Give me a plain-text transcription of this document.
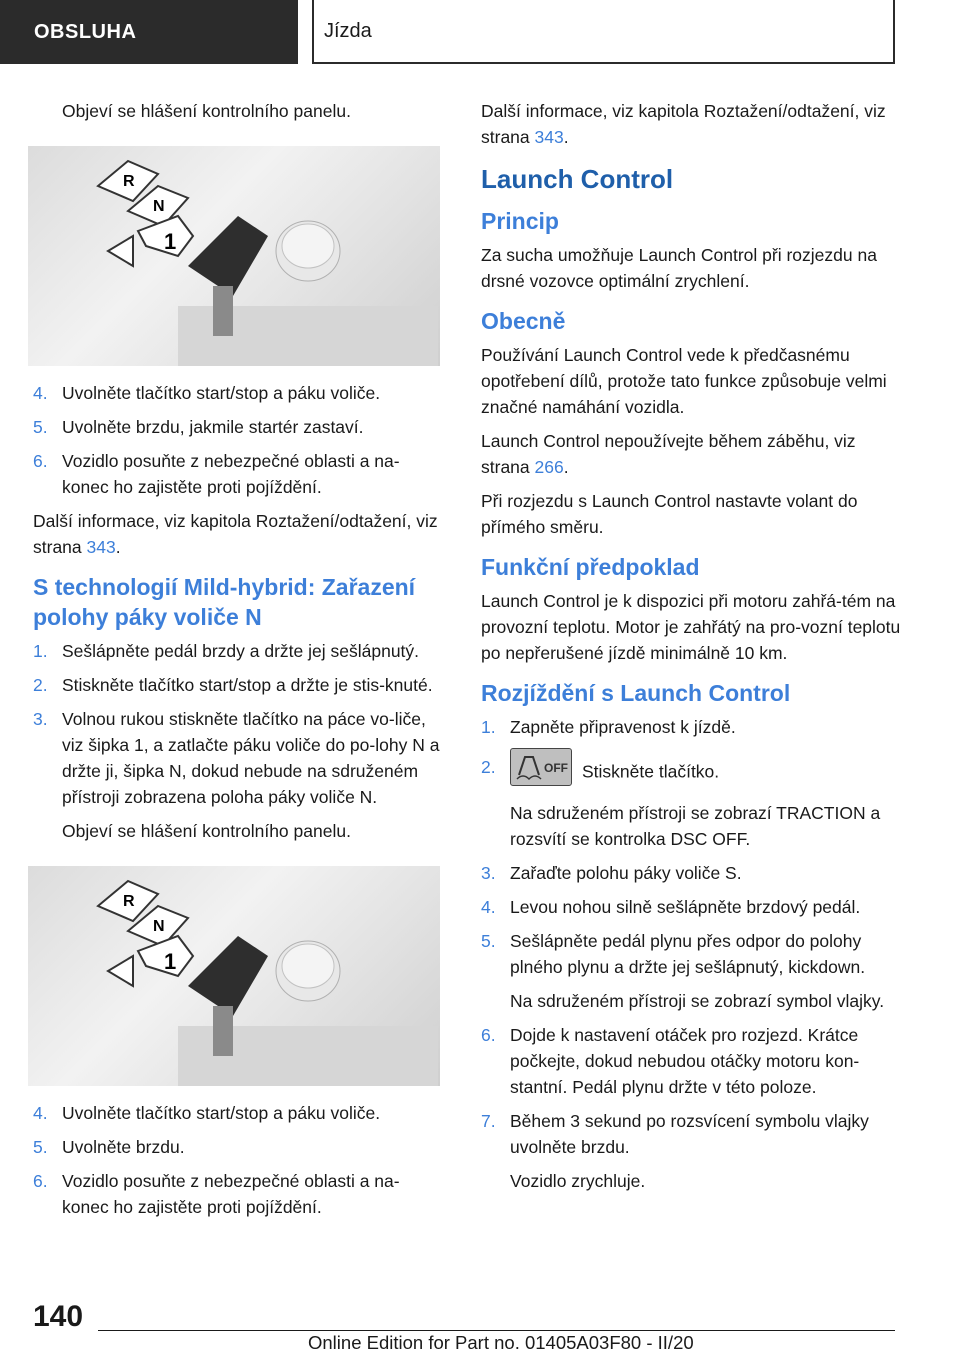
OBSLUHA	Jízda

Objeví se hlášení kontrolního panelu.

R
N
1
4. Uvolněte tlačítko start/stop a páku voliče.
5. Uvolněte brzdu, jakmile startér zastaví.
6. Vozidlo posuňte z nebezpečné oblasti a na‐konec ho zajistěte proti pojíždění.

Další informace, viz kapitola Roztažení/odtažení, viz strana 343.

S technologií Mild-hybrid: Zařazení polohy páky voliče N
1. Sešlápněte pedál brzdy a držte jej sešlápnutý.
2. Stiskněte tlačítko start/stop a držte je stis‐knuté.
3. Volnou rukou stiskněte tlačítko na páce vo‐liče, viz šipka 1, a zatlačte páku voliče do po‐lohy N a držte ji, šipka N, dokud nebude na sdruženém přístroji zobrazena poloha páky voliče N.

Objeví se hlášení kontrolního panelu.

R
N
1
4. Uvolněte tlačítko start/stop a páku voliče.
5. Uvolněte brzdu.
6. Vozidlo posuňte z nebezpečné oblasti a na‐konec ho zajistěte proti pojíždění.

Další informace, viz kapitola Roztažení/odtažení, viz strana 343.

Launch Control
Princip

Za sucha umožňuje Launch Control při rozjezdu na drsné vozovce optimální zrychlení.

Obecně

Používání Launch Control vede k předčasnému opotřebení dílů, protože tato funkce způsobuje velmi značné namáhání vozidla.

Launch Control nepoužívejte během záběhu, viz strana 266.

Při rozjezdu s Launch Control nastavte volant do přímého směru.

Funkční předpoklad

Launch Control je k dispozici při motoru zahřá‐tém na provozní teplotu. Motor je zahřátý na pro‐vozní teplotu po nepřerušené jízdě minimálně 10 km.

Rozjíždění s Launch Control
1. Zapněte připravenost k jízdě.
2.	OFF Stiskněte tlačítko.
Na sdruženém přístroji se zobrazí TRACTION a rozsvítí se kontrolka DSC OFF.
3. Zařaďte polohu páky voliče S.
4. Levou nohou silně sešlápněte brzdový pedál.
5. Sešlápněte pedál plynu přes odpor do polohy plného plynu a držte jej sešlápnutý, kickdown.
Na sdruženém přístroji se zobrazí symbol vlajky.
6. Dojde k nastavení otáček pro rozjezd. Krátce počkejte, dokud nebudou otáčky motoru kon‐stantní. Pedál plynu držte v této poloze.
7. Během 3 sekund po rozsvícení symbolu vlajky uvolněte brzdu.
Vozidlo zrychluje.
140
Online Edition for Part no. 01405A03F80 - II/20
